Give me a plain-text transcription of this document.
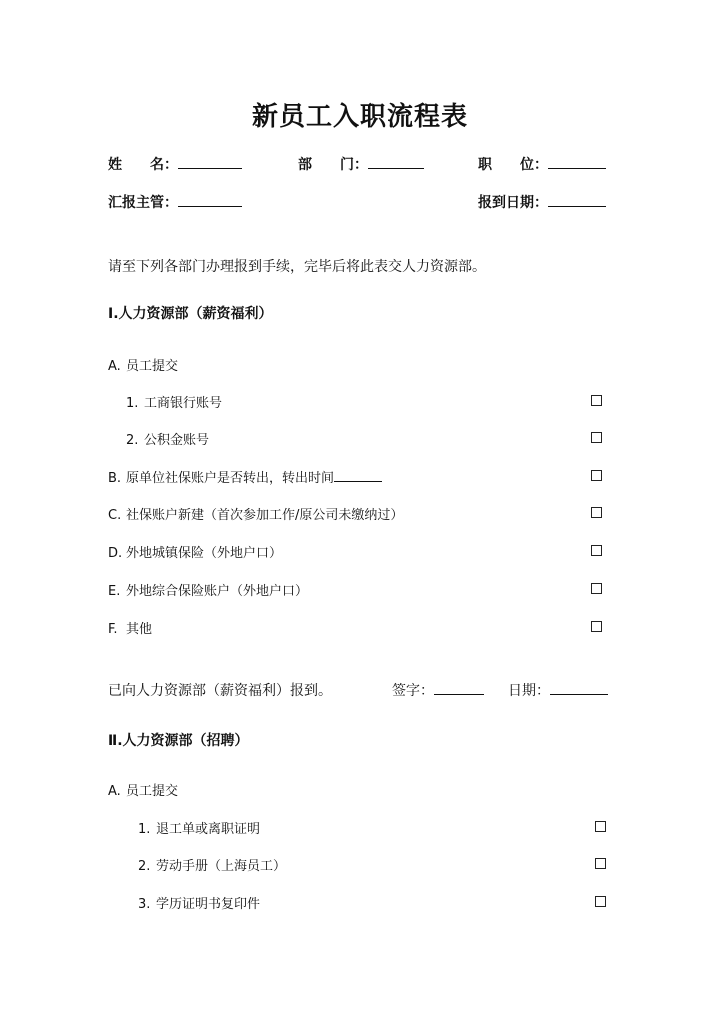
新员工入职流程表
姓　　名：	部　　门：	职　　位：
汇报主管：	报到日期：
请至下列各部门办理报到手续，完毕后将此表交人力资源部。
Ⅰ.人力资源部（薪资福利）
A. 员工提交
1. 工商银行账号
2. 公积金账号
B. 原单位社保账户是否转出，转出时间
C. 社保账户新建（首次参加工作/原公司未缴纳过）
D. 外地城镇保险（外地户口）
E. 外地综合保险账户（外地户口）
F. 其他
已向人力资源部（薪资福利）报到。	签字：	日期：
Ⅱ.人力资源部（招聘）
A. 员工提交
1. 退工单或离职证明
2. 劳动手册（上海员工）
3. 学历证明书复印件
